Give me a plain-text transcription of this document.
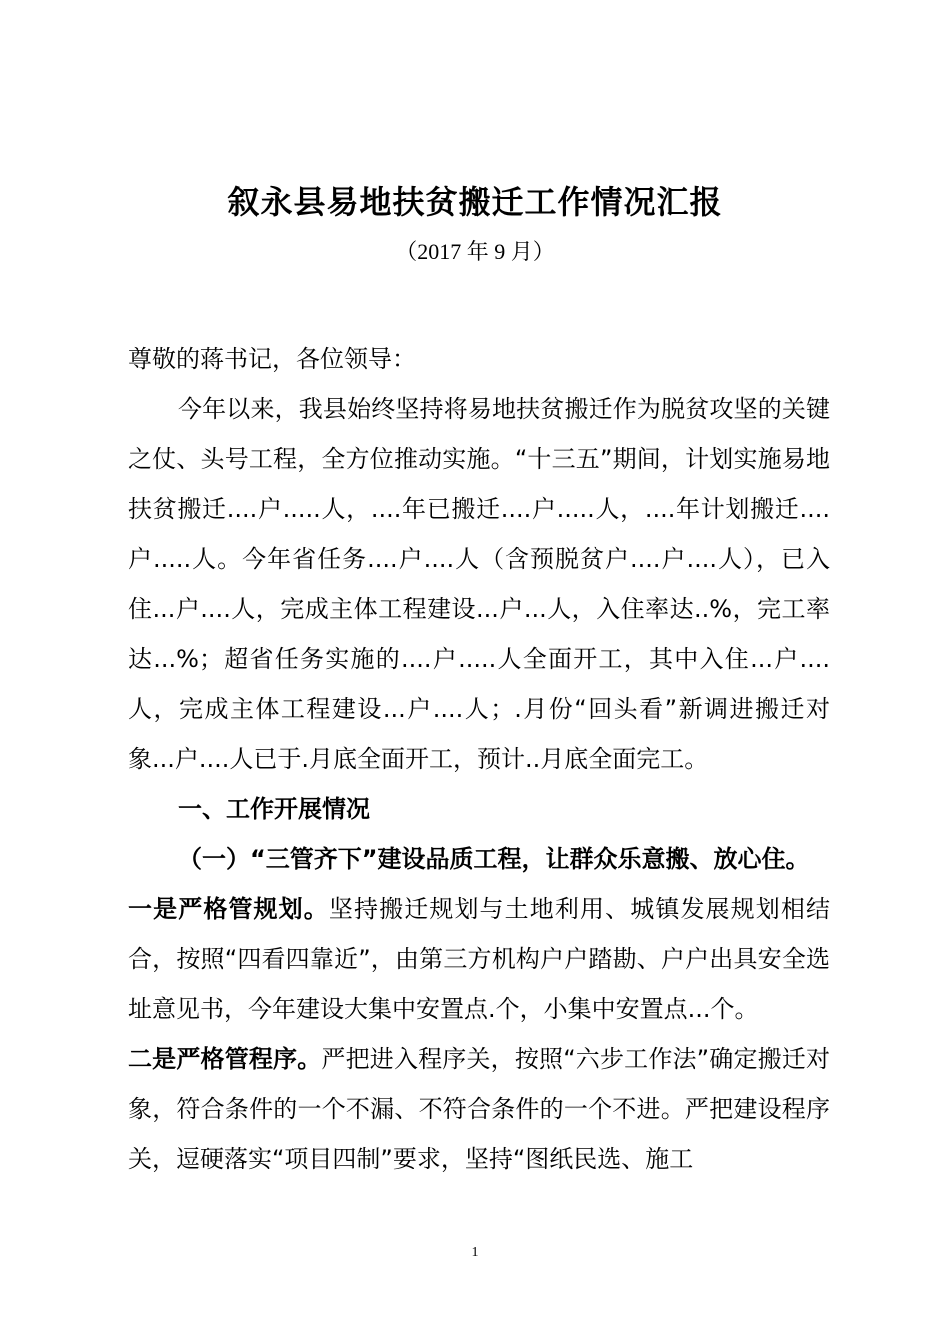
叙永县易地扶贫搬迁工作情况汇报
（2017 年 9 月）

尊敬的蒋书记，各位领导：

今年以来，我县始终坚持将易地扶贫搬迁作为脱贫攻坚的关键之仗、头号工程，全方位推动实施。“十三五”期间，计划实施易地扶贫搬迁....户.....人，....年已搬迁....户.....人，....年计划搬迁....户.....人。今年省任务....户....人（含预脱贫户....户....人），已入住...户....人，完成主体工程建设...户...人，入住率达..%，完工率达...%；超省任务实施的....户.....人全面开工，其中入住...户....人，完成主体工程建设...户....人；.月份“回头看”新调进搬迁对象...户....人已于.月底全面开工，预计..月底全面完工。

一、工作开展情况

（一）“三管齐下”建设品质工程，让群众乐意搬、放心住。

一是严格管规划。坚持搬迁规划与土地利用、城镇发展规划相结合，按照“四看四靠近”，由第三方机构户户踏勘、户户出具安全选址意见书，今年建设大集中安置点.个，小集中安置点...个。

二是严格管程序。严把进入程序关，按照“六步工作法”确定搬迁对象，符合条件的一个不漏、不符合条件的一个不进。严把建设程序关，逗硬落实“项目四制”要求，坚持“图纸民选、施工

1
